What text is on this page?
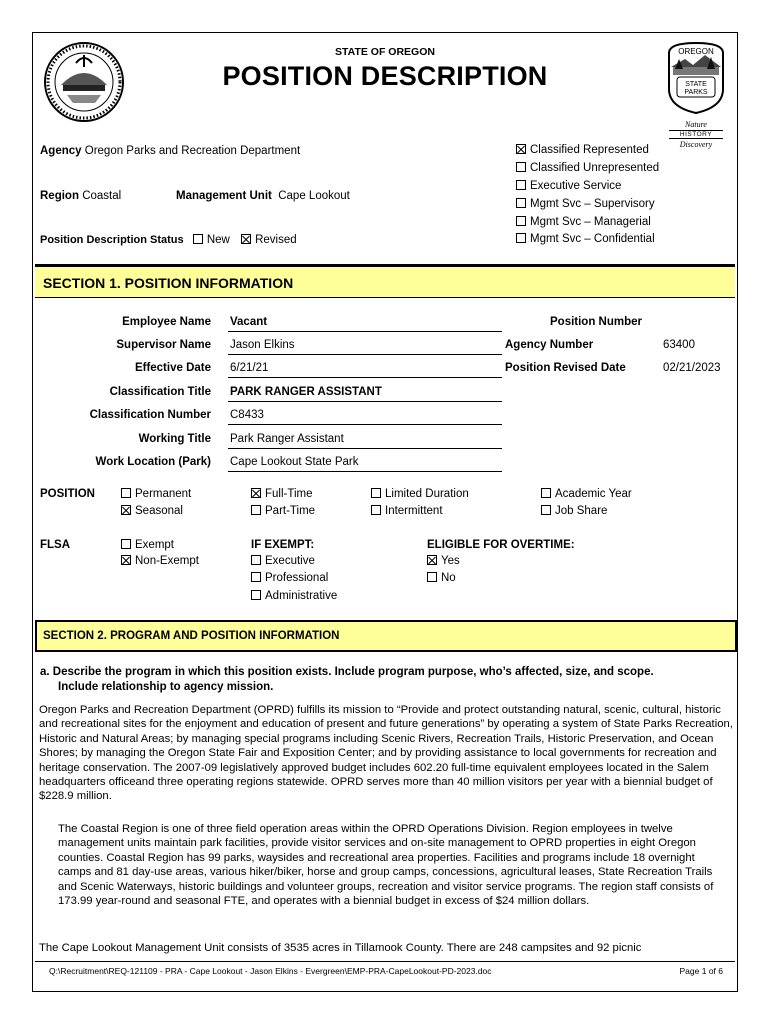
STATE OF OREGON
POSITION DESCRIPTION
OREGON
STATE
PARKS
Nature
HISTORY
Discovery
Agency Oregon Parks and Recreation Department
Region Coastal	Management Unit Cape Lookout
Position Description Status New Revised
Classified Represented
Classified Unrepresented
Executive Service
Mgmt Svc – Supervisory
Mgmt Svc – Managerial
Mgmt Svc – Confidential
SECTION 1. POSITION INFORMATION
Employee Name Vacant
Supervisor Name Jason Elkins
Effective Date 6/21/21
Classification Title PARK RANGER ASSISTANT
Classification Number C8433
Working Title Park Ranger Assistant
Work Location (Park) Cape Lookout State Park
Position Number
Agency Number	63400
Position Revised Date	02/21/2023
POSITION	Permanent
Seasonal
Full-Time
Part-Time
Limited Duration
Intermittent
Academic Year
Job Share
FLSA	Exempt
Non-Exempt
IF EXEMPT:
Executive
Professional
Administrative
ELIGIBLE FOR OVERTIME:
Yes
No
SECTION 2. PROGRAM AND POSITION INFORMATION
a. Describe the program in which this position exists. Include program purpose, who’s affected, size, and scope.
Include relationship to agency mission.
Oregon Parks and Recreation Department (OPRD) fulfills its mission to “Provide and protect outstanding natural, scenic, cultural, historic and recreational sites for the enjoyment and education of present and future generations” by operating a system of State Parks Recreation, Historic and Natural Areas; by managing special programs including Scenic Rivers, Recreation Trails, Historic Preservation, and Ocean Shores; by managing the Oregon State Fair and Exposition Center; and by providing assistance to local governments for recreation and heritage conservation. The 2007-09 legislatively approved budget includes 602.20 full-time equivalent employees located in the Salem headquarters officeand three operating regions statewide. OPRD serves more than 40 million visitors per year with a biennial budget of $228.9 million.
The Coastal Region is one of three field operation areas within the OPRD Operations Division. Region employees in twelve management units maintain park facilities, provide visitor services and on-site management to OPRD properties in eight Oregon counties. Coastal Region has 99 parks, waysides and recreational area properties. Facilities and programs include 18 overnight camps and 81 day-use areas, various hiker/biker, horse and group camps, concessions, agricultural leases, State Recreation Trails and Scenic Waterways, historic buildings and volunteer groups, recreation and visitor service programs. The region staff consists of 173.99 year-round and seasonal FTE, and operates with a biennial budget in excess of $24 million dollars.
The Cape Lookout Management Unit consists of 3535 acres in Tillamook County. There are 248 campsites and 92 picnic
Q:\Recruitment\REQ-121109 - PRA - Cape Lookout - Jason Elkins - Evergreen\EMP-PRA-CapeLookout-PD-2023.doc	Page 1 of 6
